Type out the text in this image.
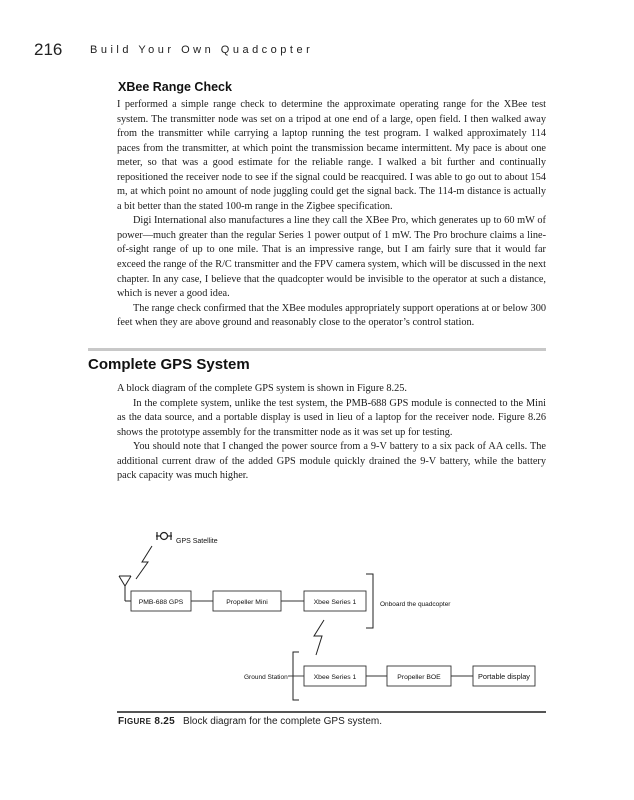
216	Build Your Own Quadcopter
XBee Range Check

I performed a simple range check to determine the approximate operating range for the XBee test system. The transmitter node was set on a tripod at one end of a large, open field. I then walked away from the transmitter while carrying a laptop running the test program. I walked approximately 114 paces from the transmitter, at which point the transmission became intermittent. My pace is about one meter, so that was a good estimate for the reliable range. I walked a bit further and continually repositioned the receiver node to see if the signal could be reacquired. I was able to go out to about 154 m, at which point no amount of node juggling could get the signal back. The 114-m distance is actually a bit better than the stated 100-m range in the Zigbee specification.

Digi International also manufactures a line they call the XBee Pro, which generates up to 60 mW of power—much greater than the regular Series 1 power output of 1 mW. The Pro brochure claims a line-of-sight range of up to one mile. That is an impressive range, but I am fairly sure that it would far exceed the range of the R/C transmitter and the FPV camera system, which will be discussed in the next chapter. In any case, I believe that the quadcopter would be invisible to the operator at such a distance, which is never a good idea.

The range check confirmed that the XBee modules appropriately support operations at or below 300 feet when they are above ground and reasonably close to the operator’s control station.

Complete GPS System

A block diagram of the complete GPS system is shown in Figure 8.25.

In the complete system, unlike the test system, the PMB-688 GPS module is connected to the Mini as the data source, and a portable display is used in lieu of a laptop for the receiver node. Figure 8.26 shows the prototype assembly for the transmitter node as it was set up for testing.

You should note that I changed the power source from a 9-V battery to a six pack of AA cells. The additional current draw of the added GPS module quickly drained the 9-V battery, while the battery pack capacity was much higher.

GPS Satellite
PMB-688 GPS	Propeller Mini	Xbee Series 1	Onboard the quadcopter
Ground Station	Xbee Series 1	Propeller BOE	Portable display
FIGURE 8.25 Block diagram for the complete GPS system.
